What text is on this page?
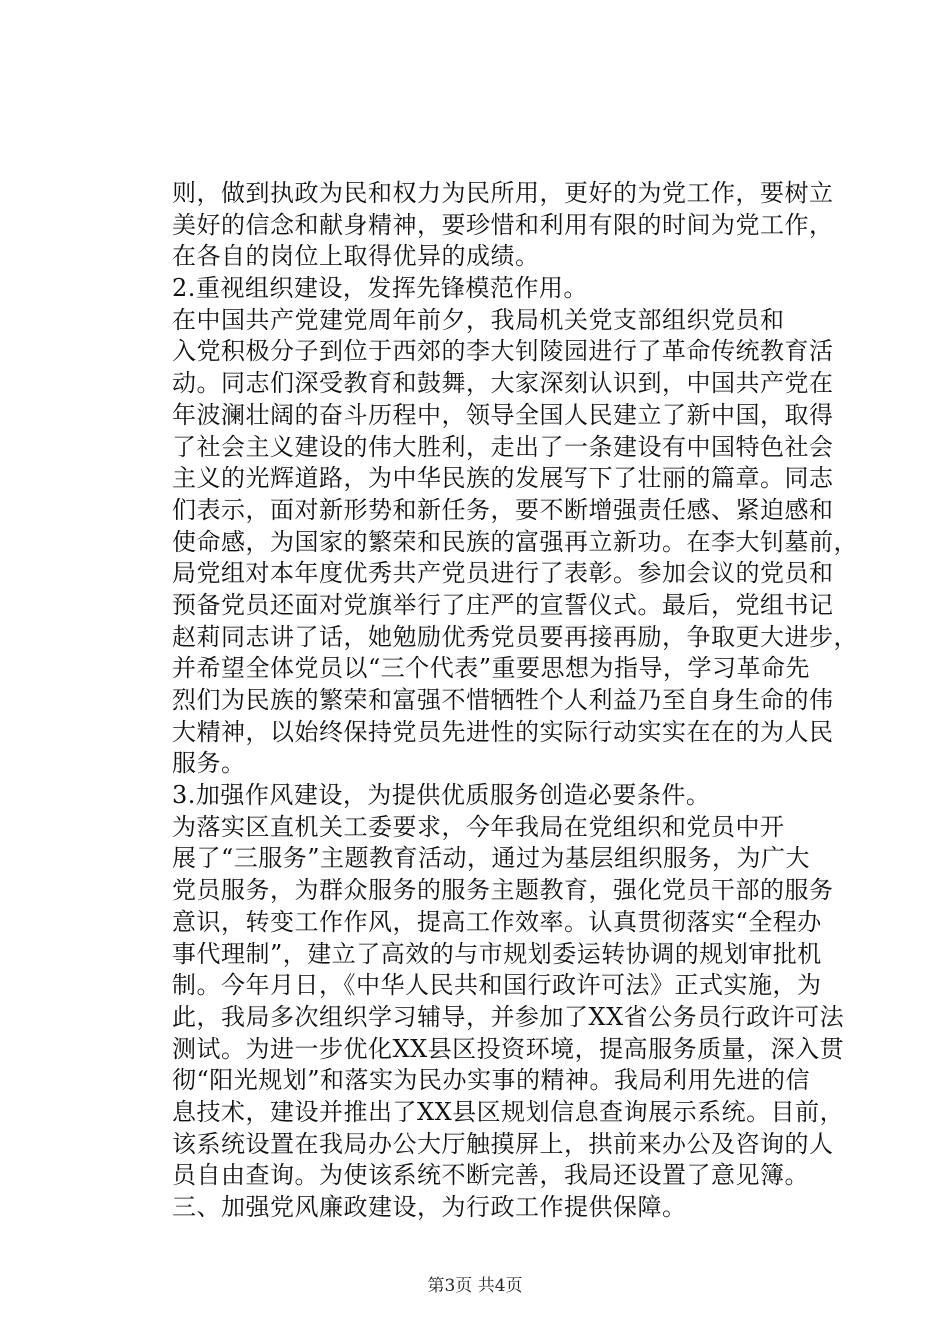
则，做到执政为民和权力为民所用，更好的为党工作，要树立
美好的信念和献身精神，要珍惜和利用有限的时间为党工作，
在各自的岗位上取得优异的成绩。
2.重视组织建设，发挥先锋模范作用。
在中国共产党建党周年前夕，我局机关党支部组织党员和
入党积极分子到位于西郊的李大钊陵园进行了革命传统教育活
动。同志们深受教育和鼓舞，大家深刻认识到，中国共产党在
年波澜壮阔的奋斗历程中，领导全国人民建立了新中国，取得
了社会主义建设的伟大胜利，走出了一条建设有中国特色社会
主义的光辉道路，为中华民族的发展写下了壮丽的篇章。同志
们表示，面对新形势和新任务，要不断增强责任感、紧迫感和
使命感，为国家的繁荣和民族的富强再立新功。在李大钊墓前，
局党组对本年度优秀共产党员进行了表彰。参加会议的党员和
预备党员还面对党旗举行了庄严的宣誓仪式。最后，党组书记
赵莉同志讲了话，她勉励优秀党员要再接再励，争取更大进步，
并希望全体党员以“三个代表”重要思想为指导，学习革命先
烈们为民族的繁荣和富强不惜牺牲个人利益乃至自身生命的伟
大精神，以始终保持党员先进性的实际行动实实在在的为人民
服务。
3.加强作风建设，为提供优质服务创造必要条件。
为落实区直机关工委要求，今年我局在党组织和党员中开
展了“三服务”主题教育活动，通过为基层组织服务，为广大
党员服务，为群众服务的服务主题教育，强化党员干部的服务
意识，转变工作作风，提高工作效率。认真贯彻落实“全程办
事代理制”，建立了高效的与市规划委运转协调的规划审批机
制。今年月日，《中华人民共和国行政许可法》正式实施，为
此，我局多次组织学习辅导，并参加了XX省公务员行政许可法
测试。为进一步优化XX县区投资环境，提高服务质量，深入贯
彻“阳光规划”和落实为民办实事的精神。我局利用先进的信
息技术，建设并推出了XX县区规划信息查询展示系统。目前，
该系统设置在我局办公大厅触摸屏上，拱前来办公及咨询的人
员自由查询。为使该系统不断完善，我局还设置了意见簿。
三、加强党风廉政建设，为行政工作提供保障。
第3页 共4页
